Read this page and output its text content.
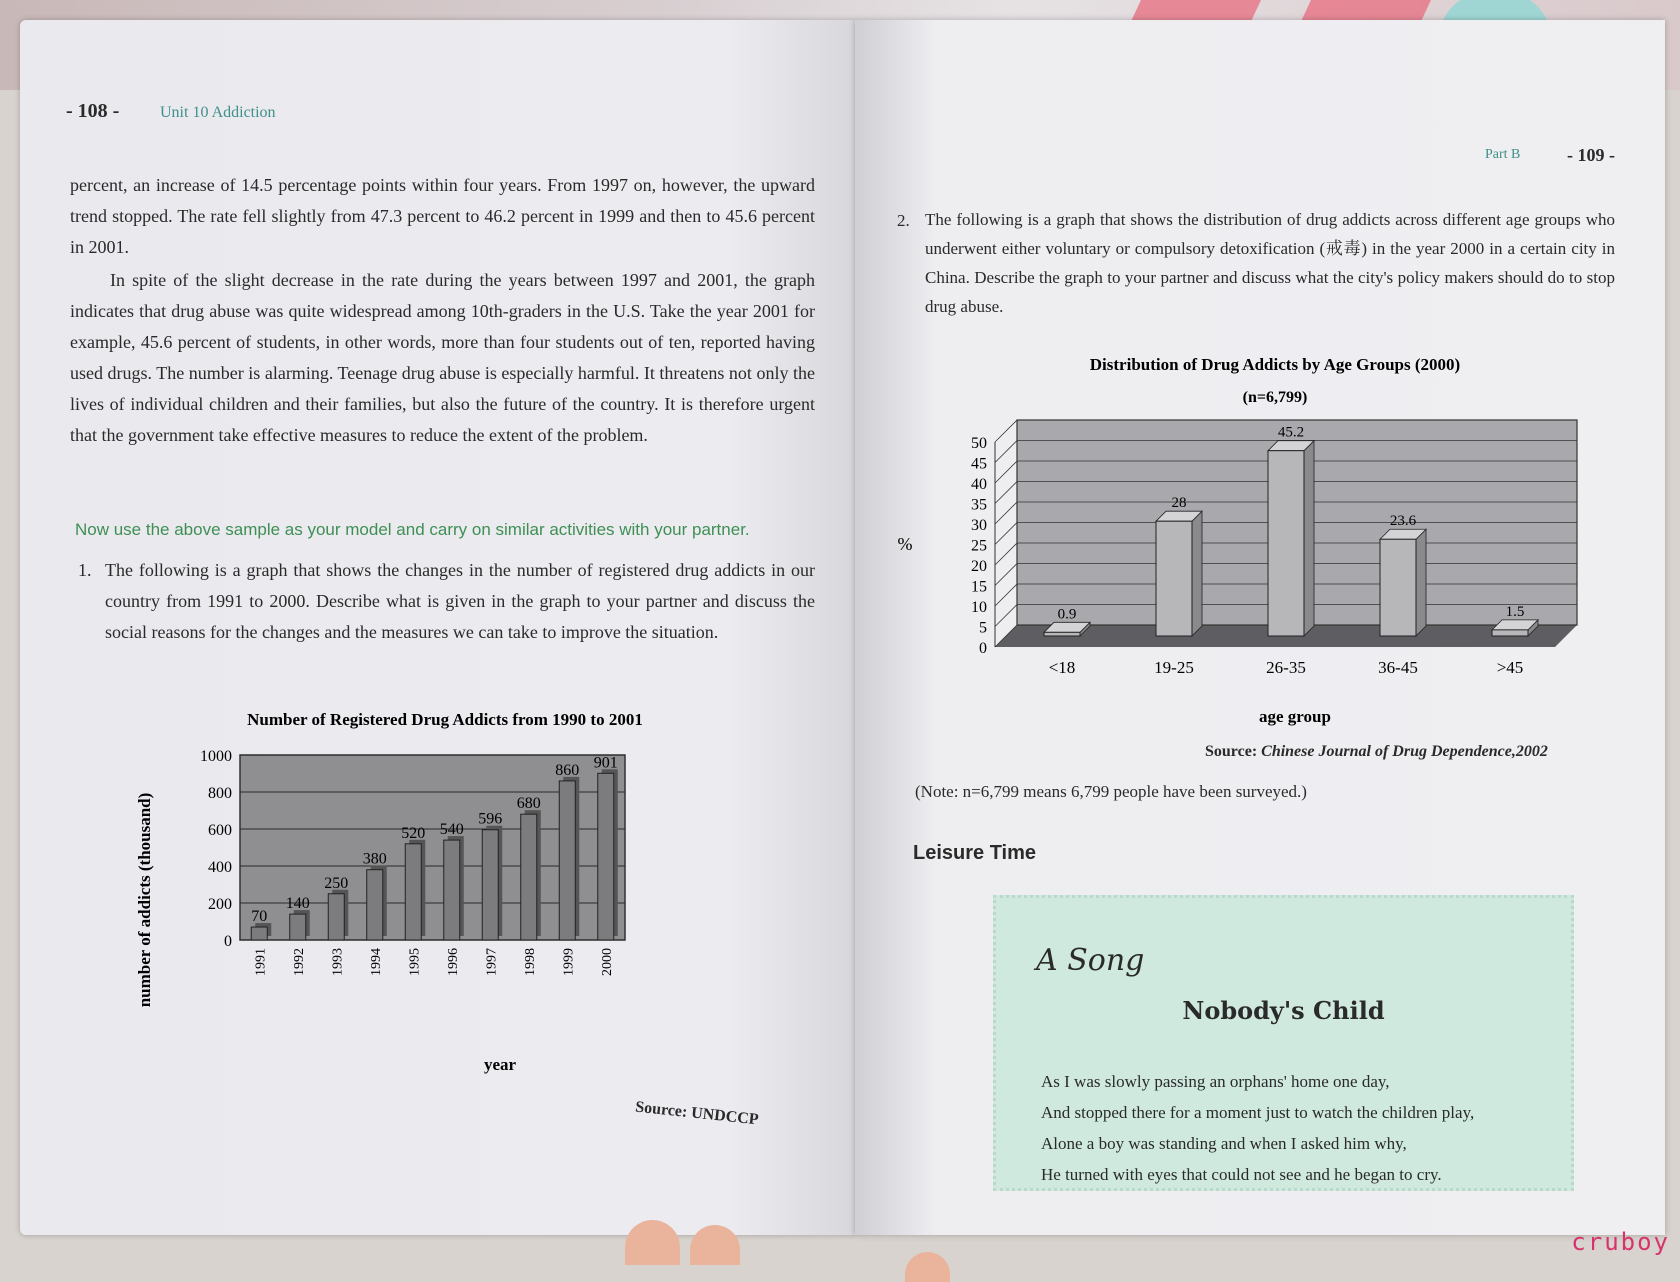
- 108 -	Unit 10 Addiction
percent, an increase of 14.5 percentage points within four years. From 1997 on, however, the upward trend stopped. The rate fell slightly from 47.3 percent to 46.2 percent in 1999 and then to 45.6 percent in 2001.
In spite of the slight decrease in the rate during the years between 1997 and 2001, the graph indicates that drug abuse was quite widespread among 10th-graders in the U.S. Take the year 2001 for example, 45.6 percent of students, in other words, more than four students out of ten, reported having used drugs. The number is alarming. Teenage drug abuse is especially harmful. It threatens not only the lives of individual children and their families, but also the future of the country. It is therefore urgent that the government take effective measures to reduce the extent of the problem.
Now use the above sample as your model and carry on similar activities with your partner.
1. The following is a graph that shows the changes in the number of registered drug addicts in our country from 1991 to 2000. Describe what is given in the graph to your partner and discuss the social reasons for the changes and the measures we can take to improve the situation.
Number of Registered Drug Addicts from 1990 to 2001
0
200
400
600
800
1000
1991 1992 1993 1994 1995 1996 1997 1998 1999 2000
70
140
250
380
520 540
596
680
860 901
year
number of addicts (thousand)
Source: UNDCCP
Part B	- 109 -
2. The following is a graph that shows the distribution of drug addicts across different age groups who underwent either voluntary or compulsory detoxification (戒毒) in the year 2000 in a certain city in China. Describe the graph to your partner and discuss what the city's policy makers should do to stop drug abuse.
Distribution of Drug Addicts by Age Groups (2000)
(n=6,799)
0
5
10
15
20
25
30
35
40
45
50
<18	19-25	26-35	36-45	>45
0.9
28
45.2
23.6
1.5
%
age group
Source: Chinese Journal of Drug Dependence,2002
(Note: n=6,799 means 6,799 people have been surveyed.)
Leisure Time
A Song
Nobody's Child
As I was slowly passing an orphans' home one day,
And stopped there for a moment just to watch the children play,
Alone a boy was standing and when I asked him why,
He turned with eyes that could not see and he began to cry.
cruboy
